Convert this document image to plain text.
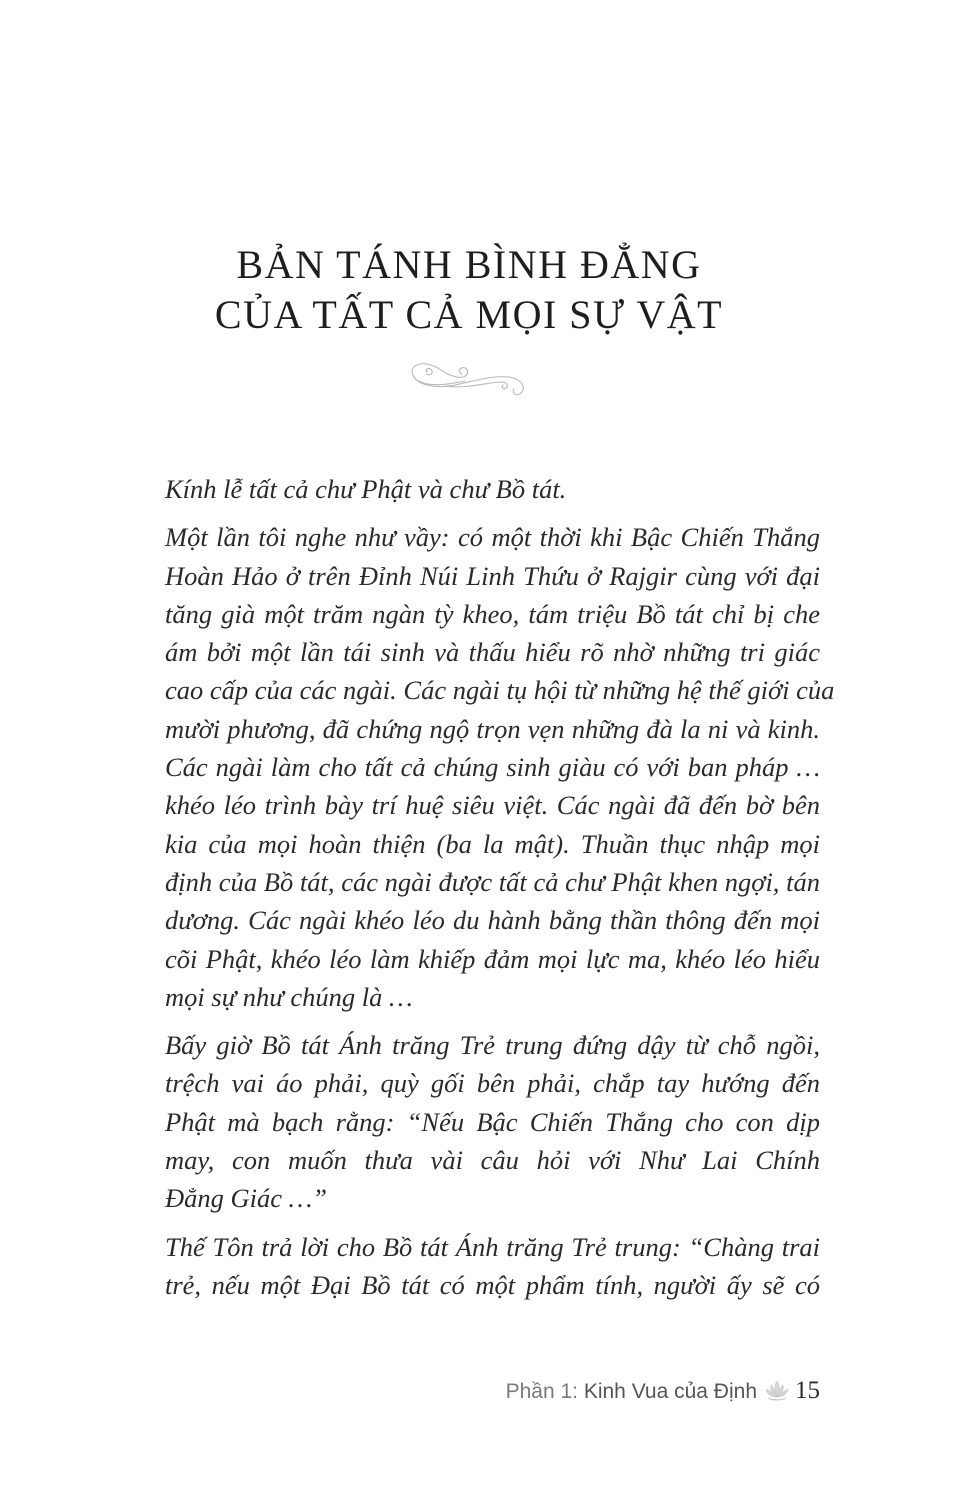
BẢN TÁNH BÌNH ĐẲNG
CỦA TẤT CẢ MỌI SỰ VẬT

Kính lễ tất cả chư Phật và chư Bồ tát.

Một lần tôi nghe như vầy: có một thời khi Bậc Chiến Thắng
Hoàn Hảo ở trên Đỉnh Núi Linh Thứu ở Rajgir cùng với đại
tăng già một trăm ngàn tỳ kheo, tám triệu Bồ tát chỉ bị che
ám bởi một lần tái sinh và thấu hiểu rõ nhờ những tri giác
cao cấp của các ngài. Các ngài tụ hội từ những hệ thế giới của
mười phương, đã chứng ngộ trọn vẹn những đà la ni và kinh.
Các ngài làm cho tất cả chúng sinh giàu có với ban pháp …
khéo léo trình bày trí huệ siêu việt. Các ngài đã đến bờ bên
kia của mọi hoàn thiện (ba la mật). Thuần thục nhập mọi
định của Bồ tát, các ngài được tất cả chư Phật khen ngợi, tán
dương. Các ngài khéo léo du hành bằng thần thông đến mọi
cõi Phật, khéo léo làm khiếp đảm mọi lực ma, khéo léo hiểu
mọi sự như chúng là …

Bấy giờ Bồ tát Ánh trăng Trẻ trung đứng dậy từ chỗ ngồi,
trệch vai áo phải, quỳ gối bên phải, chắp tay hướng đến
Phật mà bạch rằng: “Nếu Bậc Chiến Thắng cho con dịp
may, con muốn thưa vài câu hỏi với Như Lai Chính
Đẳng Giác …”

Thế Tôn trả lời cho Bồ tát Ánh trăng Trẻ trung: “Chàng trai
trẻ, nếu một Đại Bồ tát có một phẩm tính, người ấy sẽ có

Phần 1: Kinh Vua của Định 15
